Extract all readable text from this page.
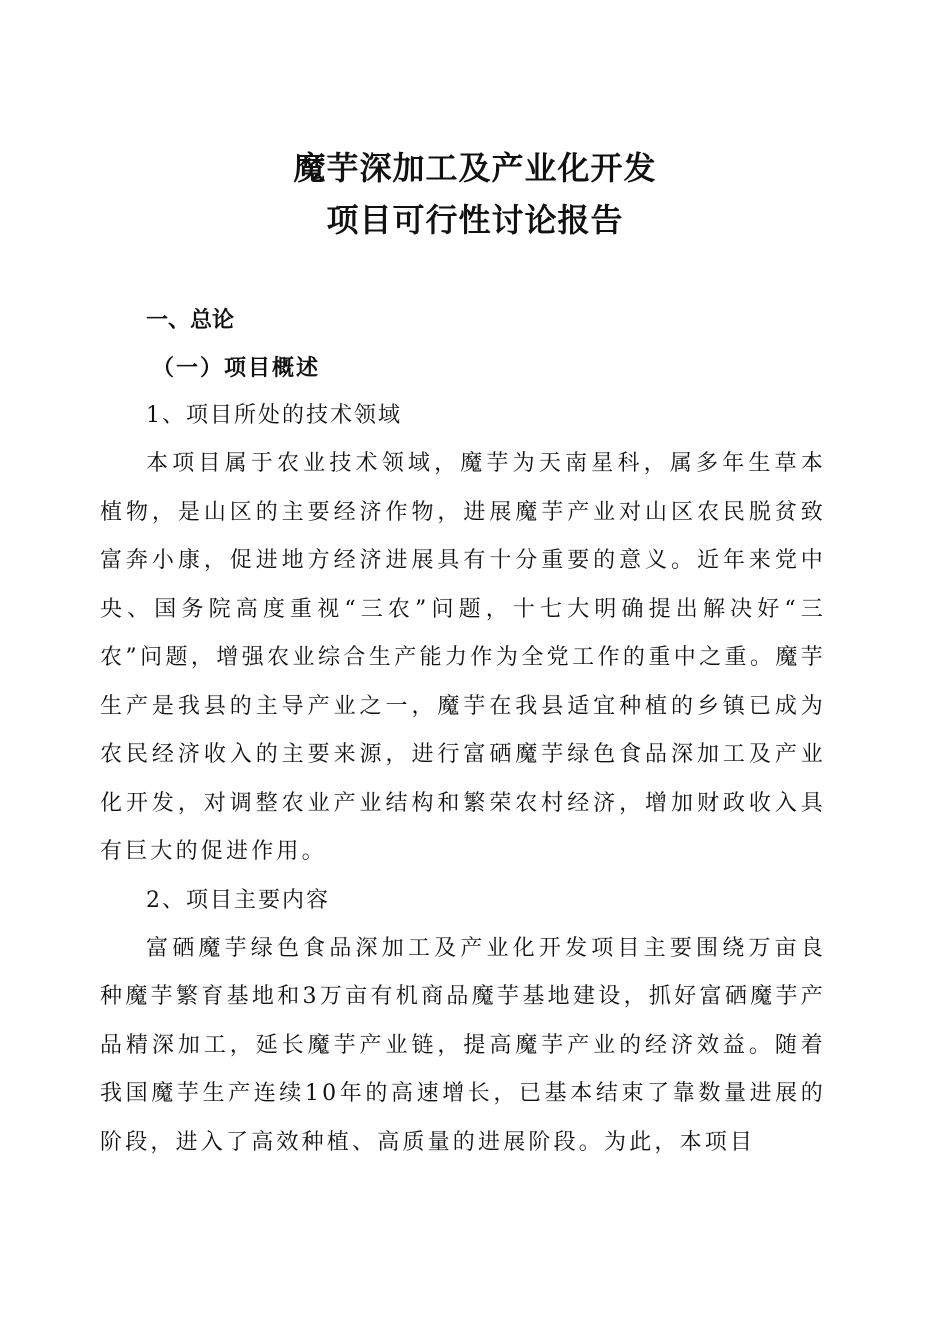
魔芋深加工及产业化开发
项目可行性讨论报告
一、总论
（一）项目概述
1、项目所处的技术领域

本项目属于农业技术领域，魔芋为天南星科，属多年生草本植物，是山区的主要经济作物，进展魔芋产业对山区农民脱贫致富奔小康，促进地方经济进展具有十分重要的意义。近年来党中央、国务院高度重视“三农”问题，十七大明确提出解决好“三农”问题，增强农业综合生产能力作为全党工作的重中之重。魔芋生产是我县的主导产业之一，魔芋在我县适宜种植的乡镇已成为农民经济收入的主要来源，进行富硒魔芋绿色食品深加工及产业化开发，对调整农业产业结构和繁荣农村经济，增加财政收入具有巨大的促进作用。

2、项目主要内容

富硒魔芋绿色食品深加工及产业化开发项目主要围绕万亩良种魔芋繁育基地和3万亩有机商品魔芋基地建设，抓好富硒魔芋产品精深加工，延长魔芋产业链，提高魔芋产业的经济效益。随着我国魔芋生产连续10年的高速增长，已基本结束了靠数量进展的阶段，进入了高效种植、高质量的进展阶段。为此，本项目
